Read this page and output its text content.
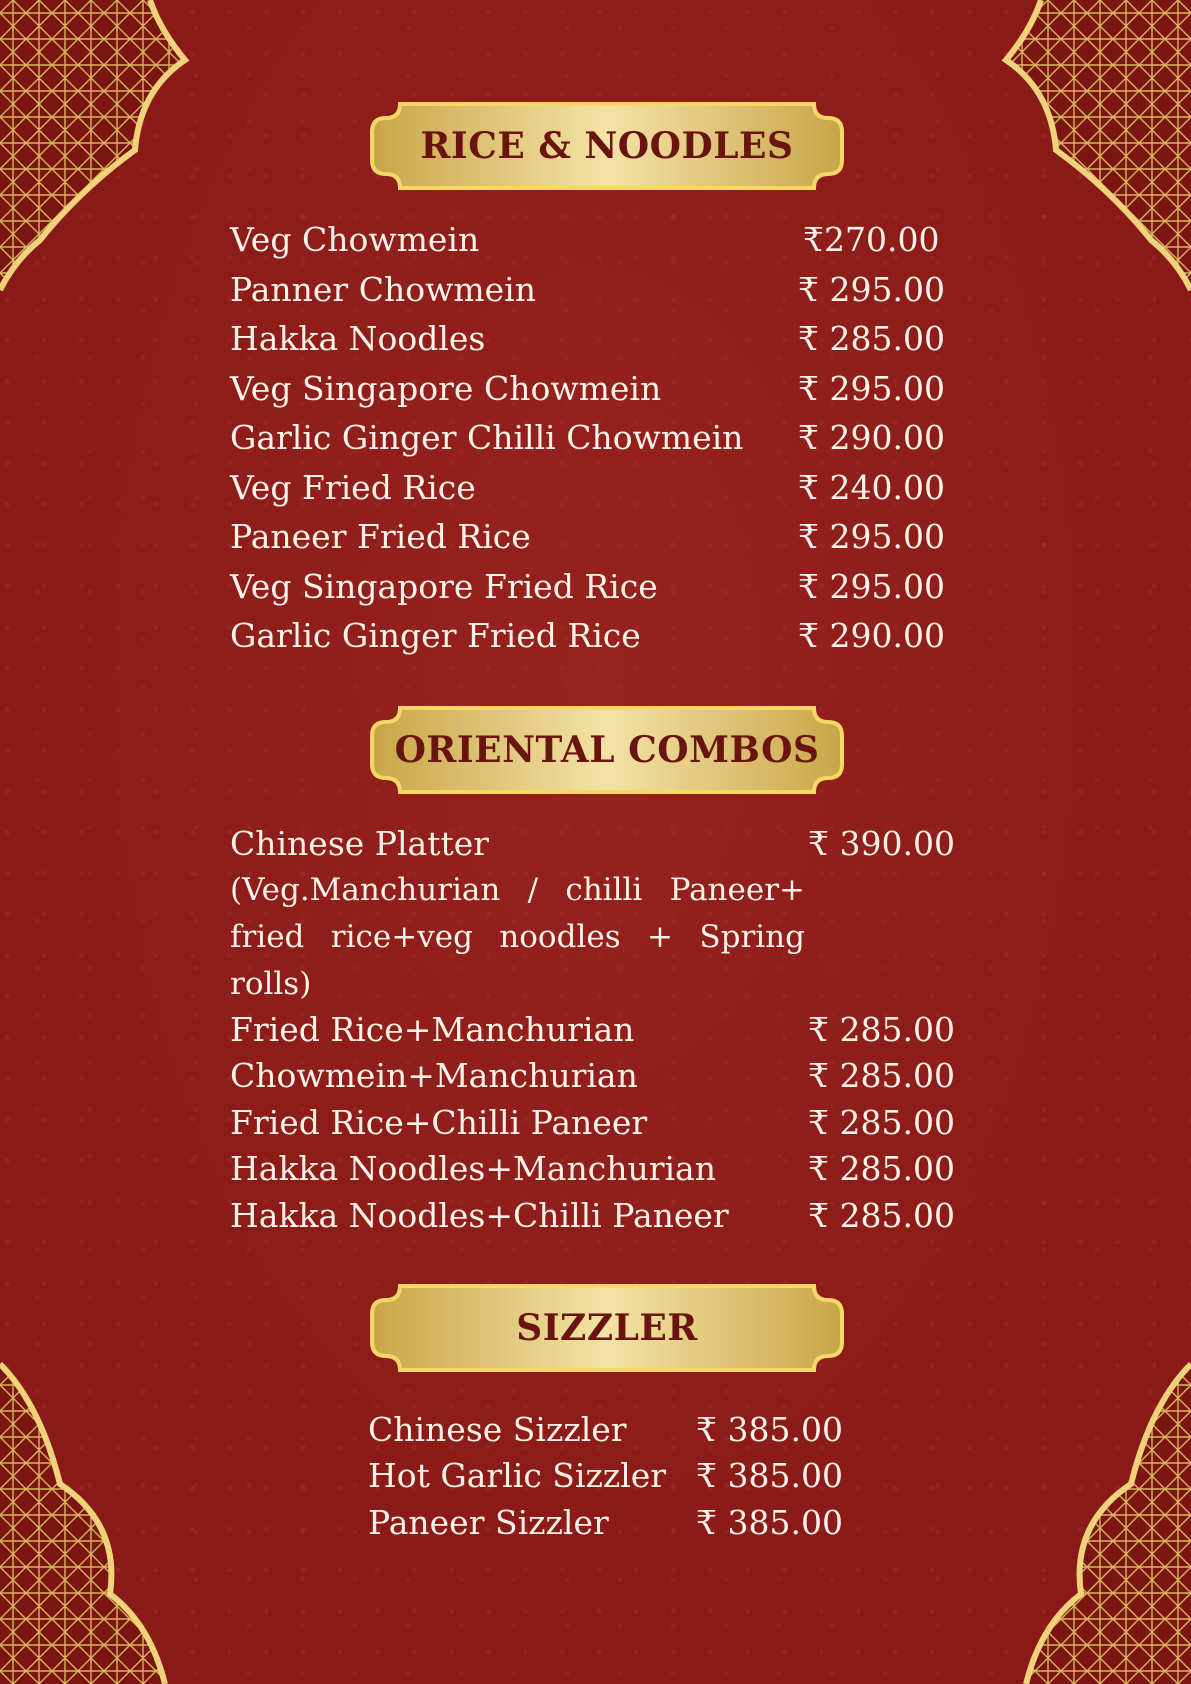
RICE & NOODLES
Veg Chowmein	₹270.00
Panner Chowmein	₹ 295.00
Hakka Noodles	₹ 285.00
Veg Singapore Chowmein	₹ 295.00
Garlic Ginger Chilli Chowmein ₹ 290.00
Veg Fried Rice	₹ 240.00
Paneer Fried Rice	₹ 295.00
Veg Singapore Fried Rice	₹ 295.00
Garlic Ginger Fried Rice	₹ 290.00
ORIENTAL COMBOS
Chinese Platter	₹ 390.00
(Veg.Manchurian / chilli Paneer+ fried rice+veg noodles + Spring rolls)
Fried Rice+Manchurian	₹ 285.00
Chowmein+Manchurian	₹ 285.00
Fried Rice+Chilli Paneer	₹ 285.00
Hakka Noodles+Manchurian	₹ 285.00
Hakka Noodles+Chilli Paneer ₹ 285.00
SIZZLER
Chinese Sizzler ₹ 385.00
Hot Garlic Sizzler ₹ 385.00
Paneer Sizzler	₹ 385.00
